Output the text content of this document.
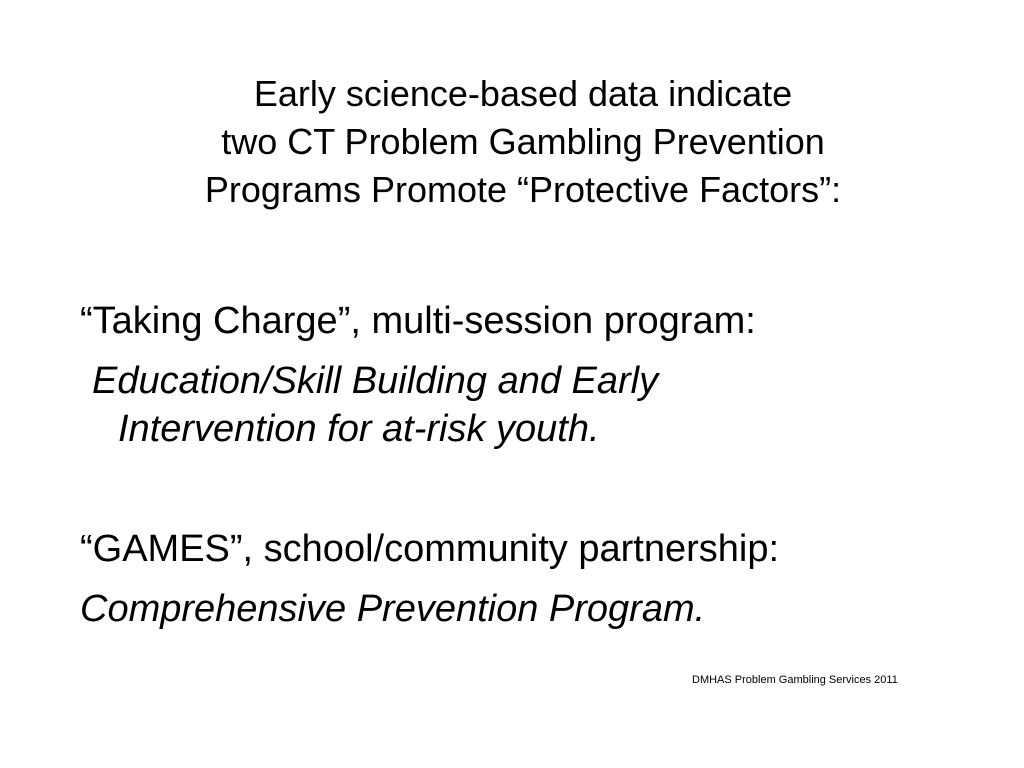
Early science-based data indicate
two CT Problem Gambling Prevention
Programs Promote “Protective Factors”:

“Taking Charge”, multi-session program:

Education/Skill Building and Early

Intervention for at-risk youth.

“GAMES”, school/community partnership:

Comprehensive Prevention Program.

DMHAS Problem Gambling Services 2011
